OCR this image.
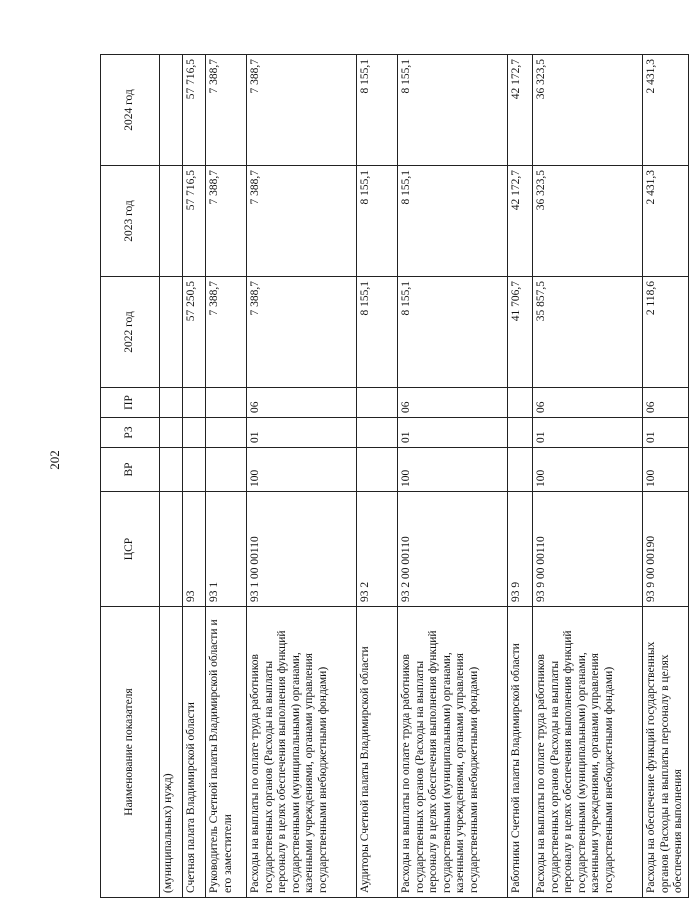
202
Наименование показателя	ЦСР	ВР	РЗ	ПР	2022 год	2023 год	2024 год
(муниципальных) нужд)							
Счетная палата Владимирской области	93				57 250,5	57 716,5	57 716,5
Руководитель Счетной палаты Владимирской области и его заместители	93 1				7 388,7	7 388,7	7 388,7
Расходы на выплаты по оплате труда работников государственных органов (Расходы на выплаты персоналу в целях обеспечения выполнения функций государственными (муниципальными) органами, казенными учреждениями, органами управления государственными внебюджетными фондами)	93 1 00 00110	100	01	06	7 388,7	7 388,7	7 388,7
Аудиторы Счетной палаты Владимирской области	93 2				8 155,1	8 155,1	8 155,1
Расходы на выплаты по оплате труда работников государственных органов (Расходы на выплаты персоналу в целях обеспечения выполнения функций государственными (муниципальными) органами, казенными учреждениями, органами управления государственными внебюджетными фондами)	93 2 00 00110	100	01	06	8 155,1	8 155,1	8 155,1
Работники Счетной палаты Владимирской области	93 9				41 706,7	42 172,7	42 172,7
Расходы на выплаты по оплате труда работников государственных органов (Расходы на выплаты персоналу в целях обеспечения выполнения функций государственными (муниципальными) органами, казенными учреждениями, органами управления государственными внебюджетными фондами)	93 9 00 00110	100	01	06	35 857,5	36 323,5	36 323,5
Расходы на обеспечение функций государственных органов (Расходы на выплаты персоналу в целях обеспечения выполнения	93 9 00 00190	100	01	06	2 118,6	2 431,3	2 431,3
